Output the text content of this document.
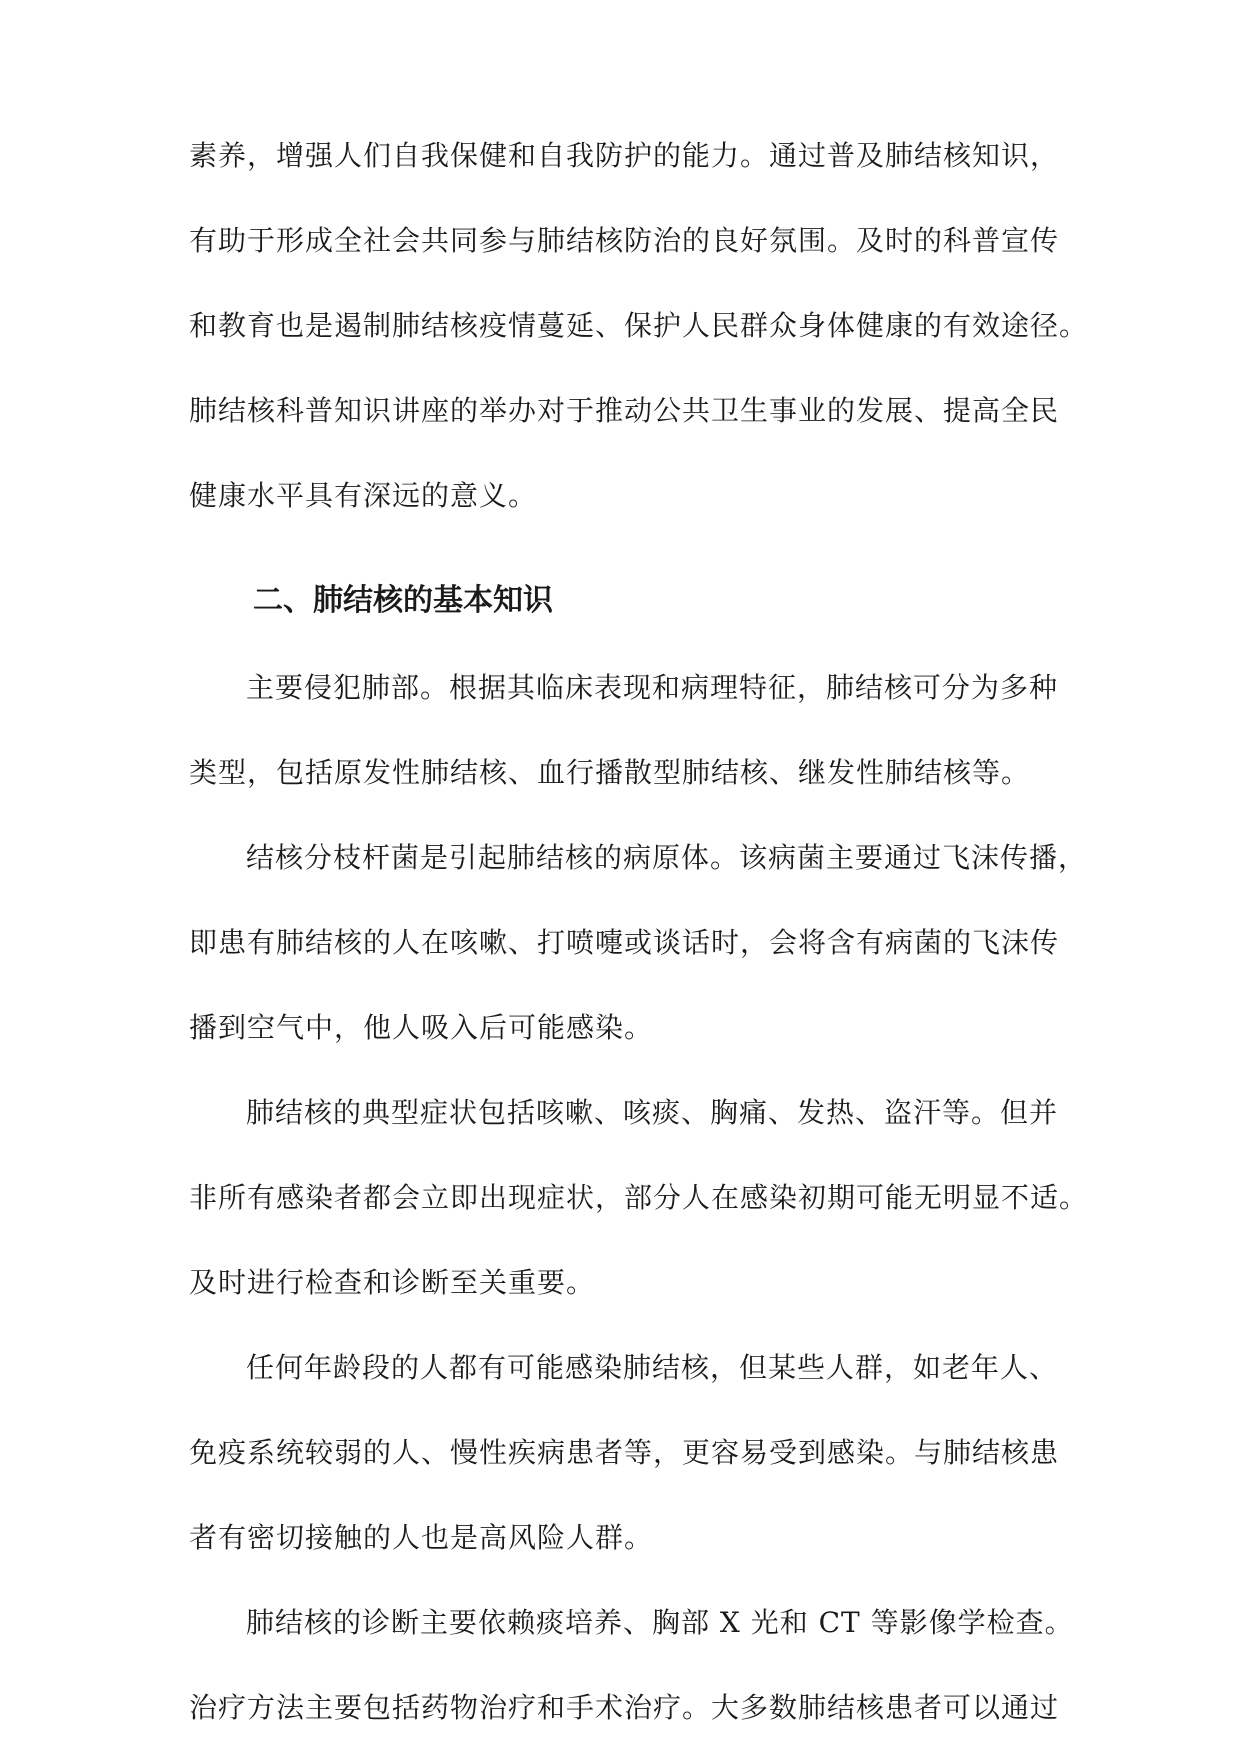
素养，增强人们自我保健和自我防护的能力。通过普及肺结核知识，
有助于形成全社会共同参与肺结核防治的良好氛围。及时的科普宣传
和教育也是遏制肺结核疫情蔓延、保护人民群众身体健康的有效途径。
肺结核科普知识讲座的举办对于推动公共卫生事业的发展、提高全民
健康水平具有深远的意义。
二、肺结核的基本知识
主要侵犯肺部。根据其临床表现和病理特征，肺结核可分为多种
类型，包括原发性肺结核、血行播散型肺结核、继发性肺结核等。
结核分枝杆菌是引起肺结核的病原体。该病菌主要通过飞沫传播，
即患有肺结核的人在咳嗽、打喷嚏或谈话时，会将含有病菌的飞沫传
播到空气中，他人吸入后可能感染。
肺结核的典型症状包括咳嗽、咳痰、胸痛、发热、盗汗等。但并
非所有感染者都会立即出现症状，部分人在感染初期可能无明显不适。
及时进行检查和诊断至关重要。
任何年龄段的人都有可能感染肺结核，但某些人群，如老年人、
免疫系统较弱的人、慢性疾病患者等，更容易受到感染。与肺结核患
者有密切接触的人也是高风险人群。
肺结核的诊断主要依赖痰培养、胸部 X 光和 CT 等影像学检查。
治疗方法主要包括药物治疗和手术治疗。大多数肺结核患者可以通过
